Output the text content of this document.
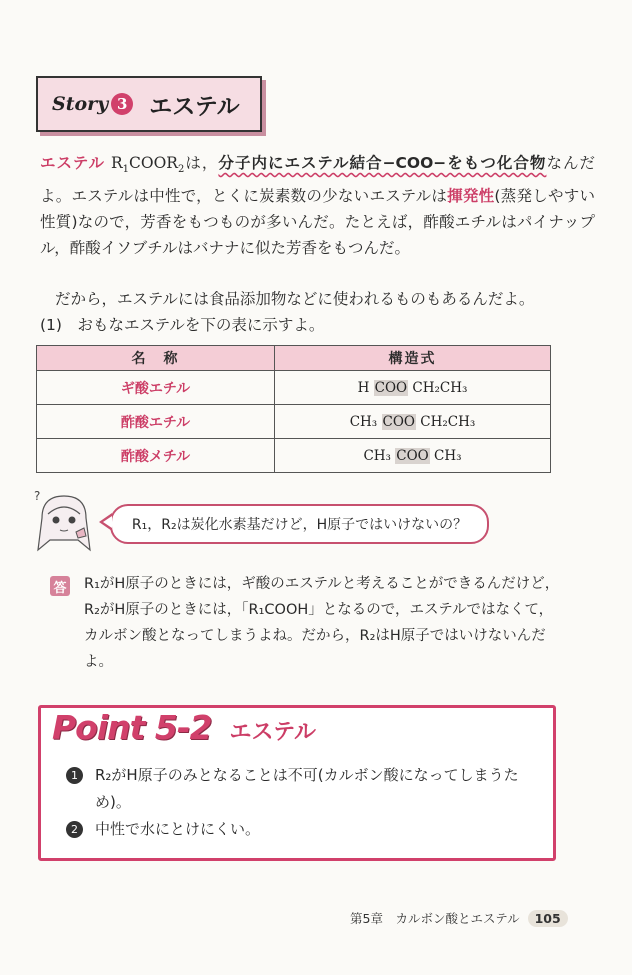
Story 3 エステル
エステル $R_1COOR_2$は，分子内にエステル結合−COO−をもつ化合物なんだよ。エステルは中性で，とくに炭素数の少ないエステルは揮発性(蒸発しやすい性質)なので，芳香をもつものが多いんだ。たとえば，酢酸エチルはパイナップル，酢酸イソブチルはバナナに似た芳香をもつんだ。
だから，エステルには食品添加物などに使われるものもあるんだよ。
(1)　おもなエステルを下の表に示すよ。
名　称	構造式
ギ酸エチル	H COO CH₂CH₃
酢酸エチル	CH₃ COO CH₂CH₃
酢酸メチル	CH₃ COO CH₃
?
R₁，R₂は炭化水素基だけど，H原子ではいけないの？
答 R₁がH原子のときには，ギ酸のエステルと考えることができるんだけど，R₂がH原子のときには，「R₁COOH」となるので，エステルではなくて，カルボン酸となってしまうよね。だから，R₂はH原子ではいけないんだよ。
Point 5-2 エステル
1	R₂がH原子のみとなることは不可(カルボン酸になってしまうため)。
2	中性で水にとけにくい。
第5章　カルボン酸とエステル	105
